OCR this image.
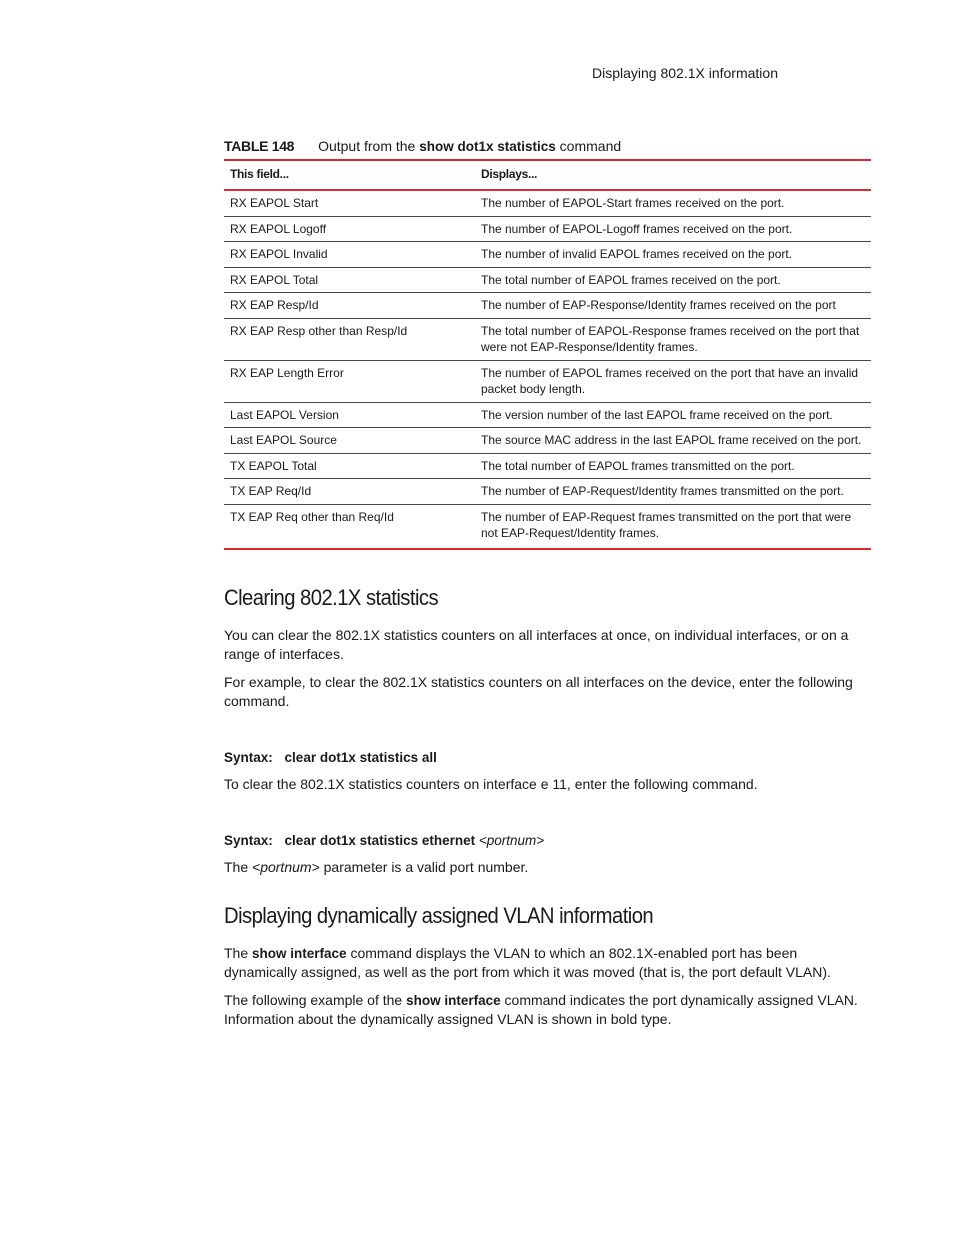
Displaying 802.1X information
TABLE 148 Output from the show dot1x statistics command
This field...	Displays...
RX EAPOL Start	The number of EAPOL-Start frames received on the port.
RX EAPOL Logoff	The number of EAPOL-Logoff frames received on the port.
RX EAPOL Invalid	The number of invalid EAPOL frames received on the port.
RX EAPOL Total	The total number of EAPOL frames received on the port.
RX EAP Resp/Id	The number of EAP-Response/Identity frames received on the port
RX EAP Resp other than Resp/Id	The total number of EAPOL-Response frames received on the port that were not EAP-Response/Identity frames.
RX EAP Length Error	The number of EAPOL frames received on the port that have an invalid packet body length.
Last EAPOL Version	The version number of the last EAPOL frame received on the port.
Last EAPOL Source	The source MAC address in the last EAPOL frame received on the port.
TX EAPOL Total	The total number of EAPOL frames transmitted on the port.
TX EAP Req/Id	The number of EAP-Request/Identity frames transmitted on the port.
TX EAP Req other than Req/Id	The number of EAP-Request frames transmitted on the port that were not EAP-Request/Identity frames.
Clearing 802.1X statistics

You can clear the 802.1X statistics counters on all interfaces at once, on individual interfaces, or on a range of interfaces.

For example, to clear the 802.1X statistics counters on all interfaces on the device, enter the following command.

Syntax: clear dot1x statistics all

To clear the 802.1X statistics counters on interface e 11, enter the following command.

Syntax: clear dot1x statistics ethernet <portnum>

The <portnum> parameter is a valid port number.

Displaying dynamically assigned VLAN information

The show interface command displays the VLAN to which an 802.1X-enabled port has been dynamically assigned, as well as the port from which it was moved (that is, the port default VLAN).

The following example of the show interface command indicates the port dynamically assigned VLAN. Information about the dynamically assigned VLAN is shown in bold type.
